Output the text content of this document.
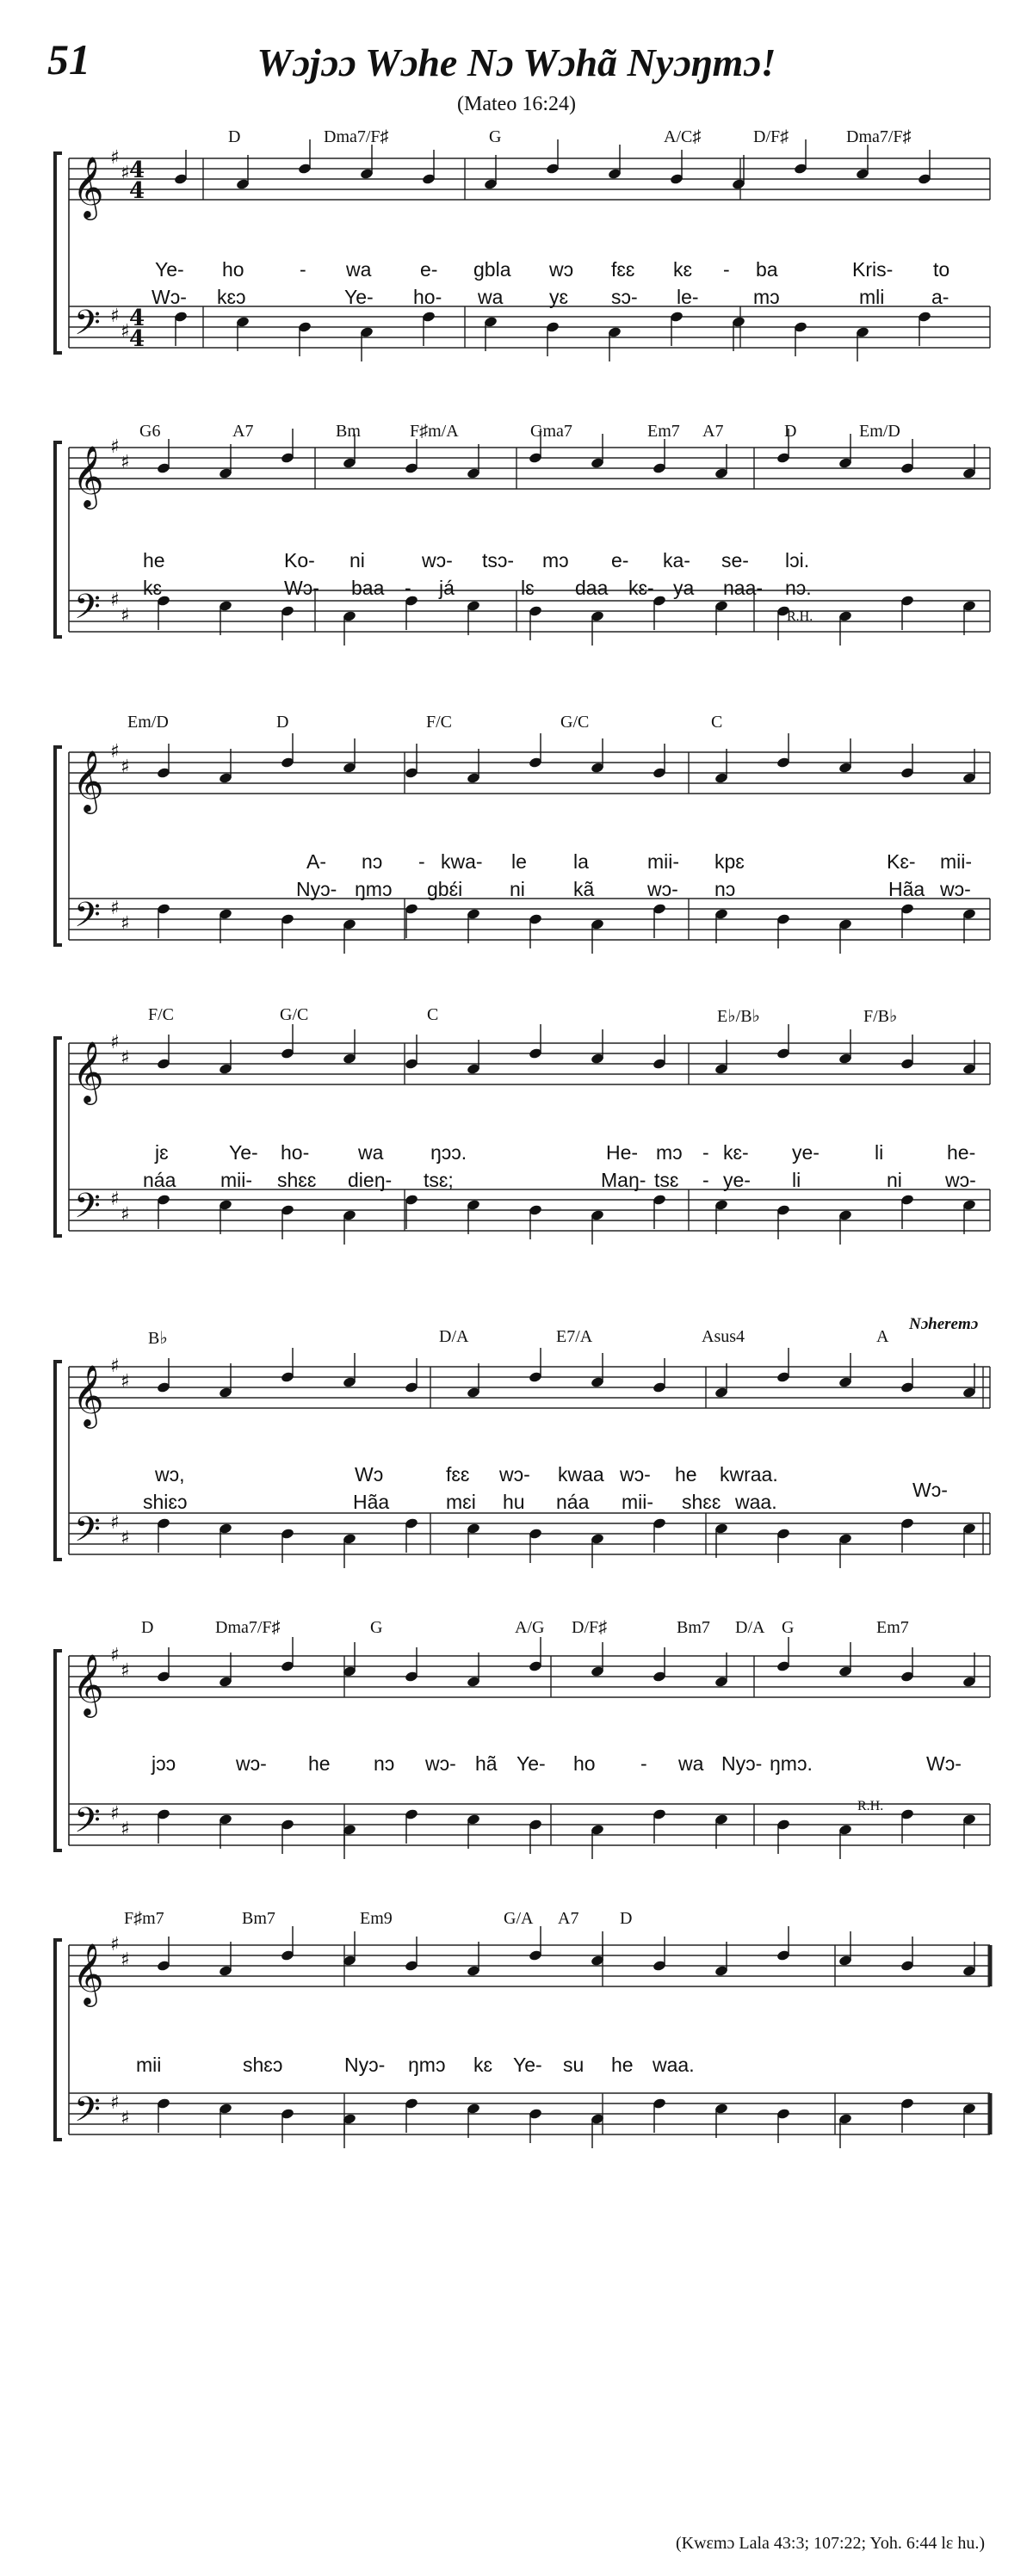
51	Wɔjɔɔ Wɔhe Nɔ Wɔhã Nyɔŋmɔ!
(Mateo 16:24)
𝄞
𝄢
♯
♯
♯
♯
4
4
4
4
D	Dma7/F♯	G	A/C♯	D/F♯	Dma7/F♯
Ye- ho	- wa e- gbla wɔ fɛɛ kɛ - ba	Kris- to
Wɔ- kɛɔ	Ye- ho- wa yɛ sɔ- le-	mɔ	mli a-
𝄞
𝄢
♯
♯
♯
♯
G6	A7	Bm	F♯m/A	Gma7	Em7 A7	D	Em/D
he	Ko- ni	wɔ- tsɔ- mɔ e- ka- se- lɔi.
kɛ	Wɔ- baa - já	lɛ daa kɛ- ya naa- nɔ.
R.H.
𝄞
𝄢
♯
♯
♯
♯
Em/D	D	F/C	G/C	C
A- nɔ - kwa- le la	mii- kpɛ	Kɛ- mii-
Nyɔ- ŋmɔ gbɛ́i ni kã	wɔ- nɔ	Hãa wɔ-
𝄞
𝄢
♯
♯
♯
♯
F/C	G/C	C	E♭/B♭	F/B♭
jɛ	Ye- ho- wa ŋɔɔ.	He- mɔ - kɛ- ye-	li	he-
náa mii- shɛɛ dieŋ- tsɛ;	Maŋ- tsɛ - ye- li	ni wɔ-
𝄞
𝄢
♯
♯
♯
♯
B♭	D/A	E7/A	Asus4	A
Nɔheremɔ
wɔ,	Wɔ	fɛɛ wɔ- kwaa wɔ- he kwraa.
Wɔ-
shiɛɔ	Hãa	mɛi hu náa mii- shɛɛ waa.
𝄞
𝄢
♯
♯
♯
♯
D	Dma7/F♯	G	A/G D/F♯	Bm7 D/A G	Em7
jɔɔ	wɔ- he nɔ wɔ- hã Ye- ho - wa Nyɔ- ŋmɔ.	Wɔ-
R.H.
𝄞
𝄢
♯
♯
♯
♯
F♯m7	Bm7	Em9	G/A A7 D
mii	shɛɔ	Nyɔ- ŋmɔ kɛ Ye- su he waa.
(Kwɛmɔ Lala 43:3; 107:22; Yoh. 6:44 lɛ hu.)
